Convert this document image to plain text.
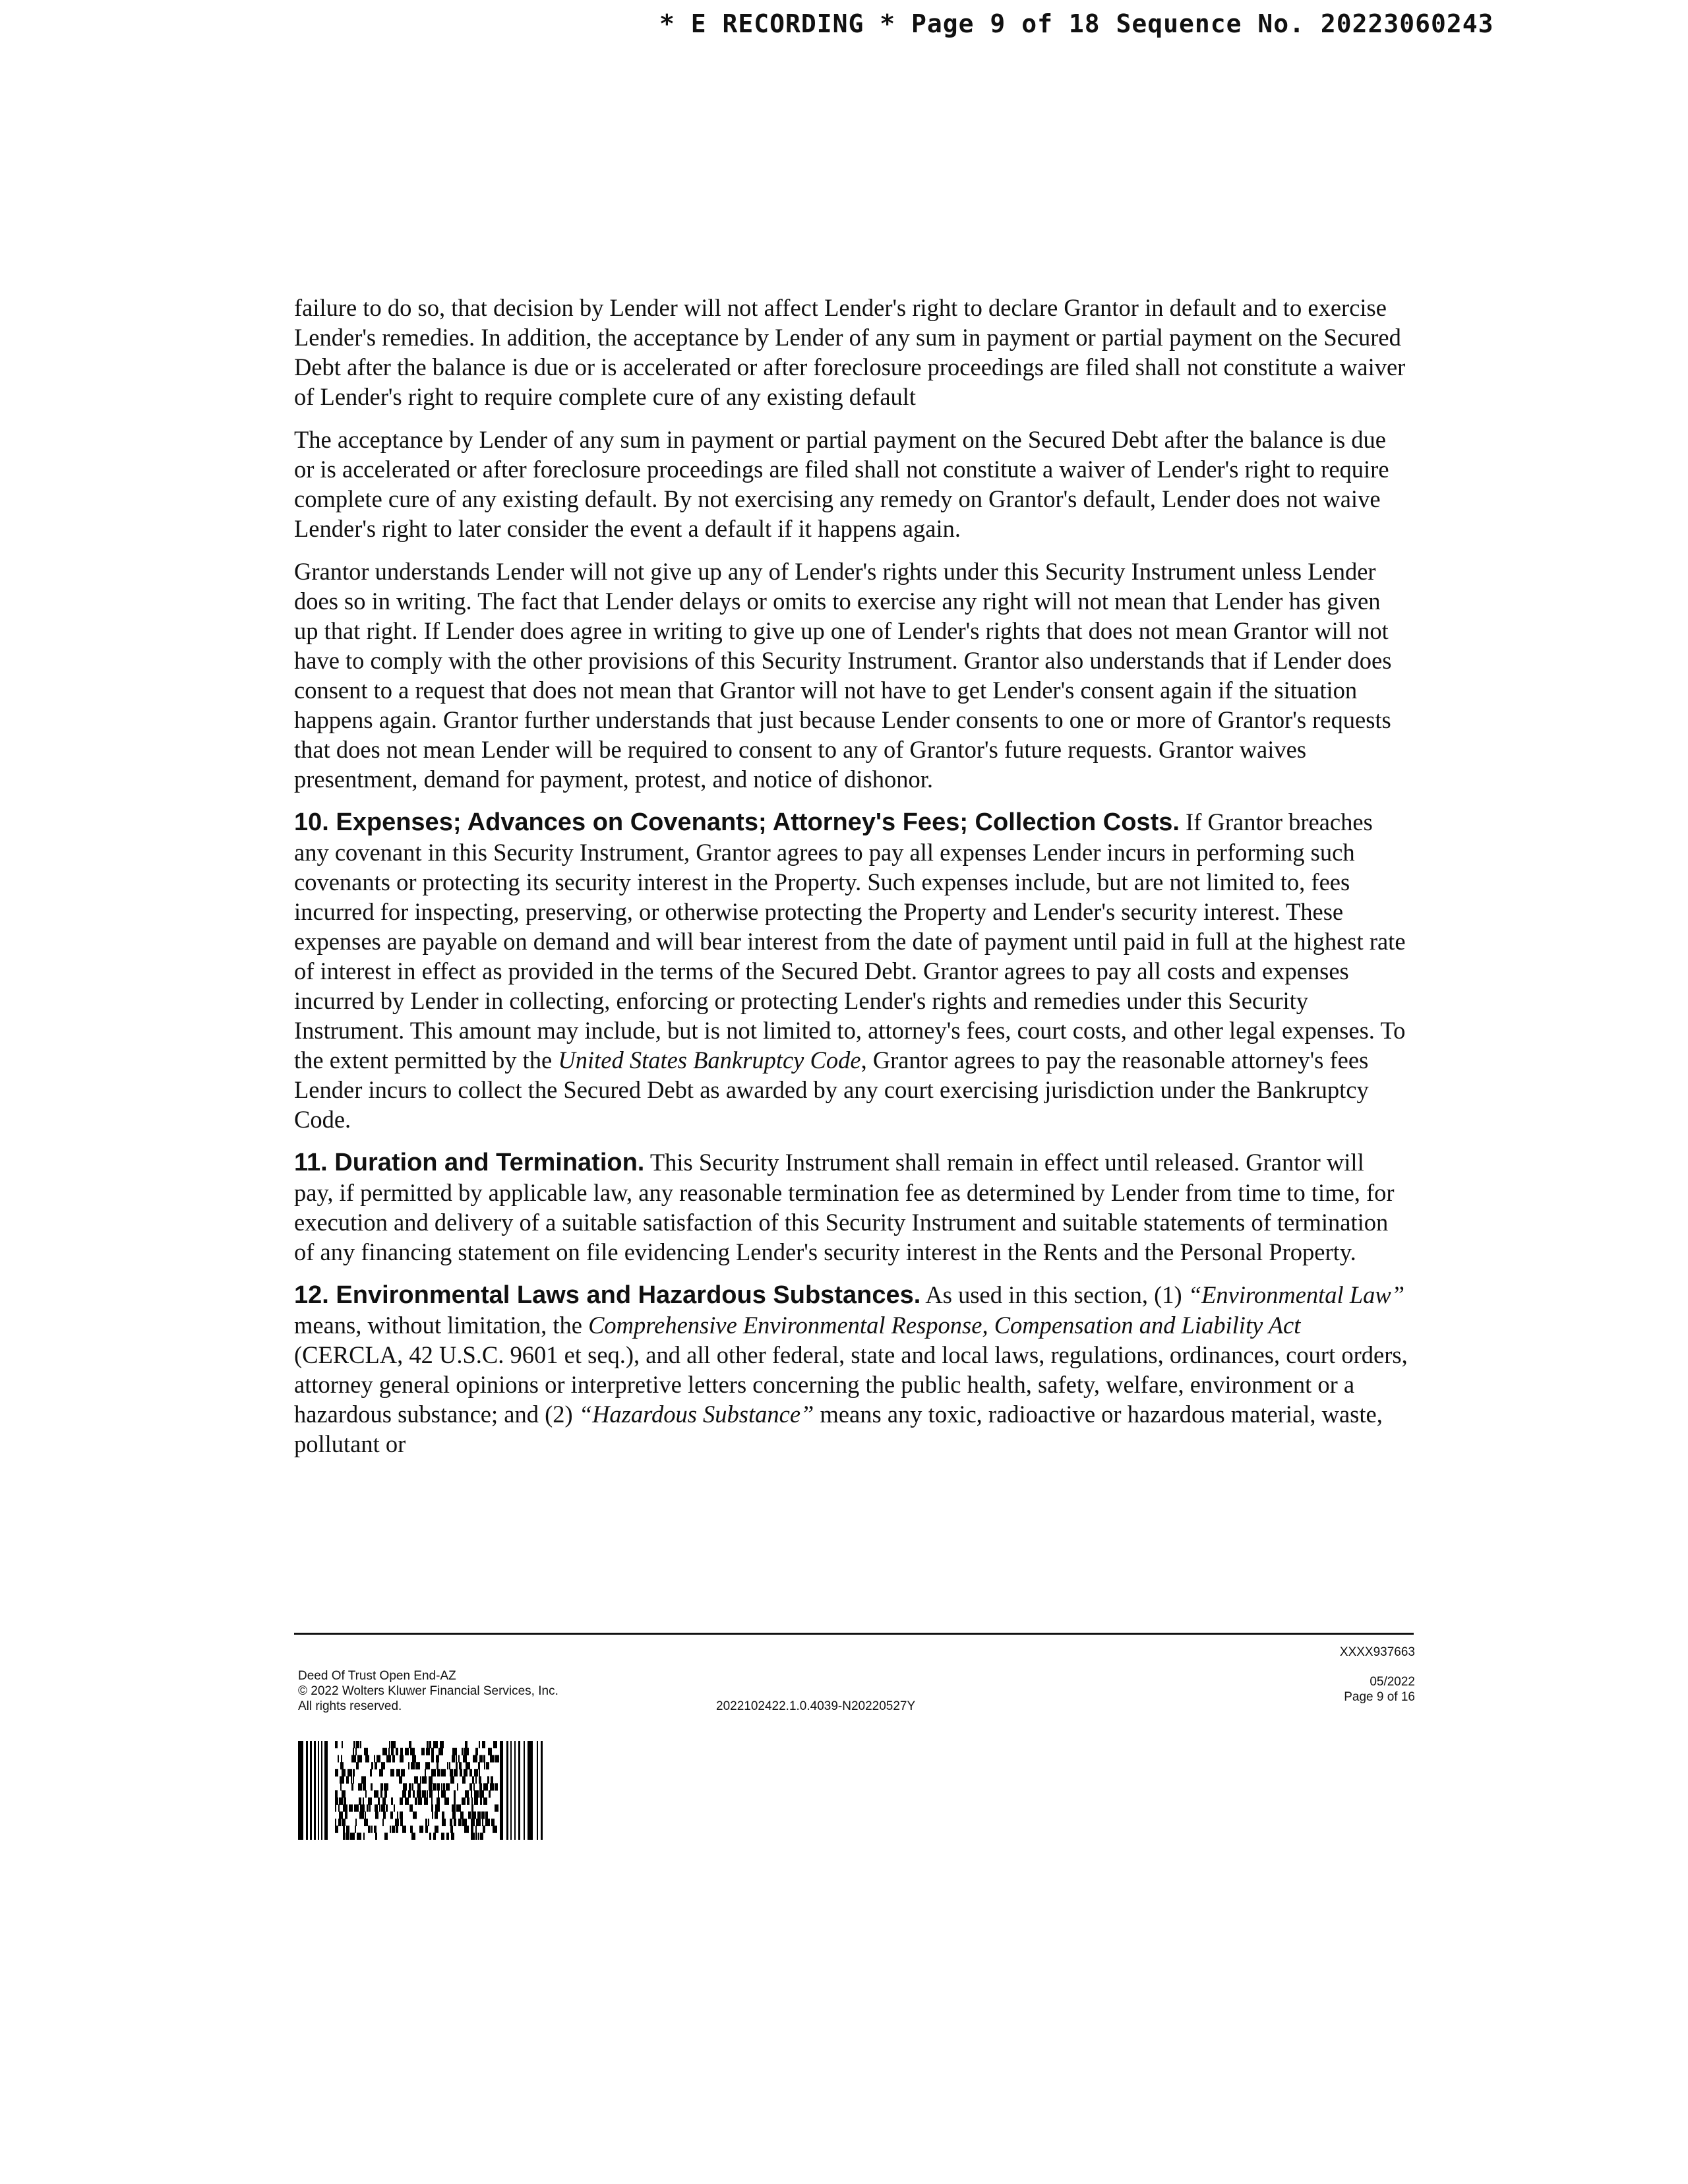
* E RECORDING * Page 9 of 18 Sequence No. 20223060243

failure to do so, that decision by Lender will not affect Lender's right to declare Grantor in default and to exercise Lender's remedies. In addition, the acceptance by Lender of any sum in payment or partial payment on the Secured Debt after the balance is due or is accelerated or after foreclosure proceedings are filed shall not constitute a waiver of Lender's right to require complete cure of any existing default

The acceptance by Lender of any sum in payment or partial payment on the Secured Debt after the balance is due or is accelerated or after foreclosure proceedings are filed shall not constitute a waiver of Lender's right to require complete cure of any existing default. By not exercising any remedy on Grantor's default, Lender does not waive Lender's right to later consider the event a default if it happens again.

Grantor understands Lender will not give up any of Lender's rights under this Security Instrument unless Lender does so in writing. The fact that Lender delays or omits to exercise any right will not mean that Lender has given up that right. If Lender does agree in writing to give up one of Lender's rights that does not mean Grantor will not have to comply with the other provisions of this Security Instrument. Grantor also understands that if Lender does consent to a request that does not mean that Grantor will not have to get Lender's consent again if the situation happens again. Grantor further understands that just because Lender consents to one or more of Grantor's requests that does not mean Lender will be required to consent to any of Grantor's future requests. Grantor waives presentment, demand for payment, protest, and notice of dishonor.

10. Expenses; Advances on Covenants; Attorney's Fees; Collection Costs. If Grantor breaches any covenant in this Security Instrument, Grantor agrees to pay all expenses Lender incurs in performing such covenants or protecting its security interest in the Property. Such expenses include, but are not limited to, fees incurred for inspecting, preserving, or otherwise protecting the Property and Lender's security interest. These expenses are payable on demand and will bear interest from the date of payment until paid in full at the highest rate of interest in effect as provided in the terms of the Secured Debt. Grantor agrees to pay all costs and expenses incurred by Lender in collecting, enforcing or protecting Lender's rights and remedies under this Security Instrument. This amount may include, but is not limited to, attorney's fees, court costs, and other legal expenses. To the extent permitted by the United States Bankruptcy Code, Grantor agrees to pay the reasonable attorney's fees Lender incurs to collect the Secured Debt as awarded by any court exercising jurisdiction under the Bankruptcy Code.

11. Duration and Termination. This Security Instrument shall remain in effect until released. Grantor will pay, if permitted by applicable law, any reasonable termination fee as determined by Lender from time to time, for execution and delivery of a suitable satisfaction of this Security Instrument and suitable statements of termination of any financing statement on file evidencing Lender's security interest in the Rents and the Personal Property.

12. Environmental Laws and Hazardous Substances. As used in this section, (1) “Environmental Law” means, without limitation, the Comprehensive Environmental Response, Compensation and Liability Act (CERCLA, 42 U.S.C. 9601 et seq.), and all other federal, state and local laws, regulations, ordinances, court orders, attorney general opinions or interpretive letters concerning the public health, safety, welfare, environment or a hazardous substance; and (2) “Hazardous Substance” means any toxic, radioactive or hazardous material, waste, pollutant or

Deed Of Trust Open End-AZ
© 2022 Wolters Kluwer Financial Services, Inc.
All rights reserved.	2022102422.1.0.4039-N20220527Y
XXXX937663
05/2022
Page 9 of 16
